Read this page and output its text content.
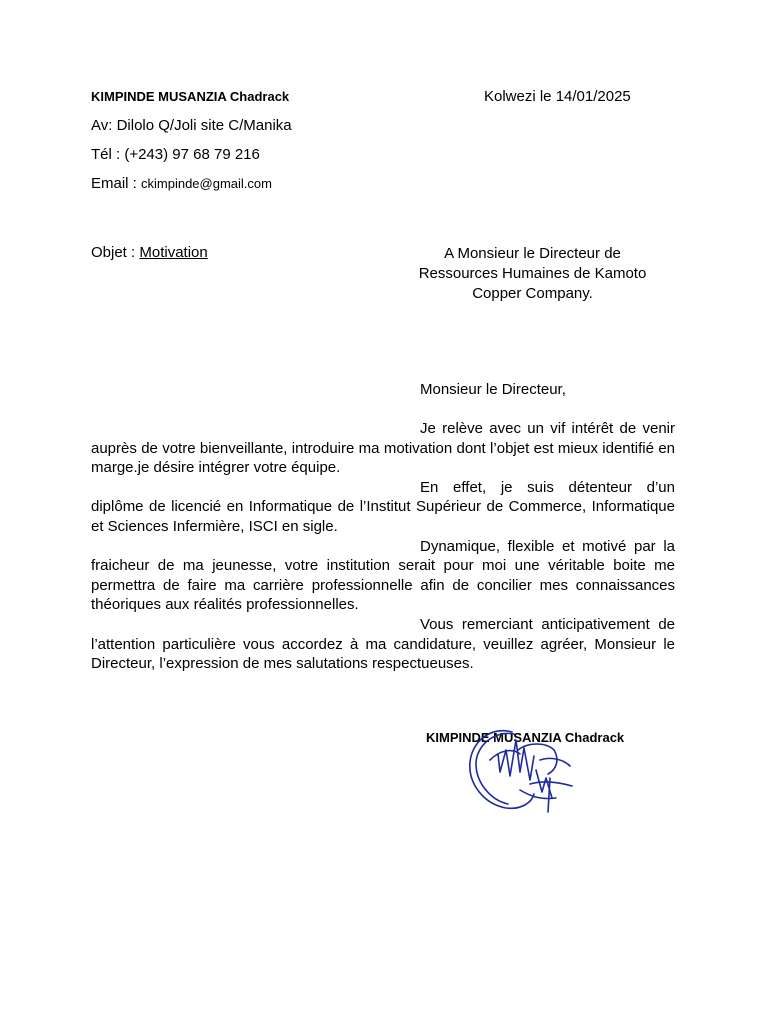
KIMPINDE MUSANZIA Chadrack
Av: Dilolo Q/Joli site C/Manika
Tél : (+243) 97 68 79 216
Email : ckimpinde@gmail.com
Kolwezi le 14/01/2025
Objet : Motivation	A Monsieur le Directeur de
Ressources Humaines de Kamoto
Copper Company.
Monsieur le Directeur,

Je relève avec un vif intérêt de venir auprès de votre bienveillante, introduire ma motivation dont l’objet est mieux identifié en marge.je désire intégrer votre équipe.

En effet, je suis détenteur d’un diplôme de licencié en Informatique de l’Institut Supérieur de Commerce, Informatique et Sciences Infermière, ISCI en sigle.

Dynamique, flexible et motivé par la fraicheur de ma jeunesse, votre institution serait pour moi une véritable boite me permettra de faire ma carrière professionnelle afin de concilier mes connaissances théoriques aux réalités professionnelles.

Vous remerciant anticipativement de l’attention particulière vous accordez à ma candidature, veuillez agréer, Monsieur le Directeur, l’expression de mes salutations respectueuses.

KIMPINDE MUSANZIA Chadrack
